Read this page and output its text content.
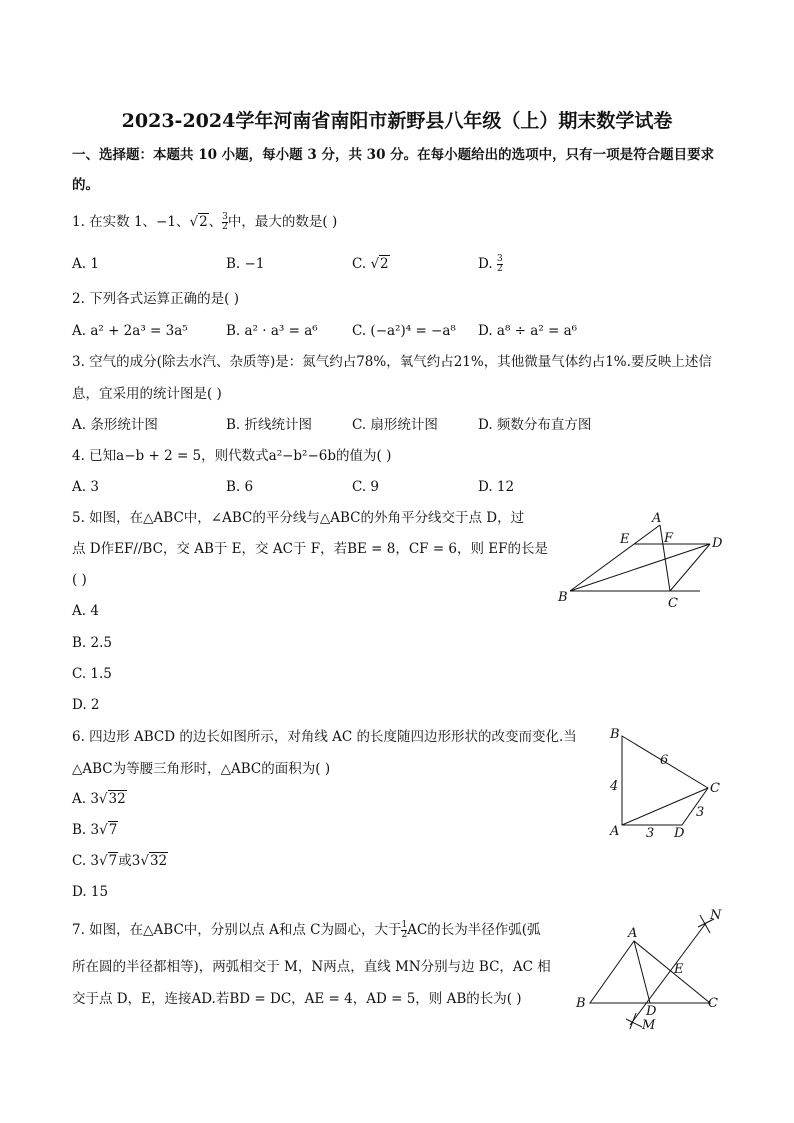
2023-2024学年河南省南阳市新野县八年级（上）期末数学试卷
一、选择题：本题共 10 小题，每小题 3 分，共 30 分。在每小题给出的选项中，只有一项是符合题目要求
的。
1. 在实数 1、−1、√2、 $\frac{3}{2}$ 中，最大的数是( )
A. 1	B. −1	C. √2	D. $\frac{3}{2}$
2. 下列各式运算正确的是( )
A. a² + 2a³ = 3a⁵	B. a² · a³ = a⁶	C. (−a²)⁴ = −a⁸ D. a⁸ ÷ a² = a⁶
3. 空气的成分(除去水汽、杂质等)是：氮气约占78%，氧气约占21%，其他微量气体约占1%.要反映上述信
息，宜采用的统计图是( )
A. 条形统计图	B. 折线统计图	C. 扇形统计图	D. 频数分布直方图
4. 已知a−b + 2 = 5，则代数式a²−b²−6b的值为( )
A. 3	B. 6	C. 9	D. 12
5. 如图，在△ABC中，∠ABC的平分线与△ABC的外角平分线交于点 D，过
点 D作EF//BC，交 AB于 E，交 AC于 F，若BE = 8，CF = 6，则 EF的长是
( )
A. 4
B. 2.5
C. 1.5
D. 2
A
B	C
D
E	F
6. 四边形 ABCD 的边长如图所示，对角线 AC 的长度随四边形形状的改变而变化.当
△ABC为等腰三角形时，△ABC的面积为( )
A. 3√32
B. 3√7
C. 3√7或3√32
D. 15
B
C
A	D
4
6
3
3
7. 如图，在△ABC中，分别以点 A和点 C为圆心，大于 $\frac{1}{2}$ AC的长为半径作弧(弧
所在圆的半径都相等)，两弧相交于 M，N两点，直线 MN分别与边 BC，AC 相
交于点 D，E，连接AD.若BD = DC，AE = 4，AD = 5，则 AB的长为( )
A
B	C
D
E
M
N
